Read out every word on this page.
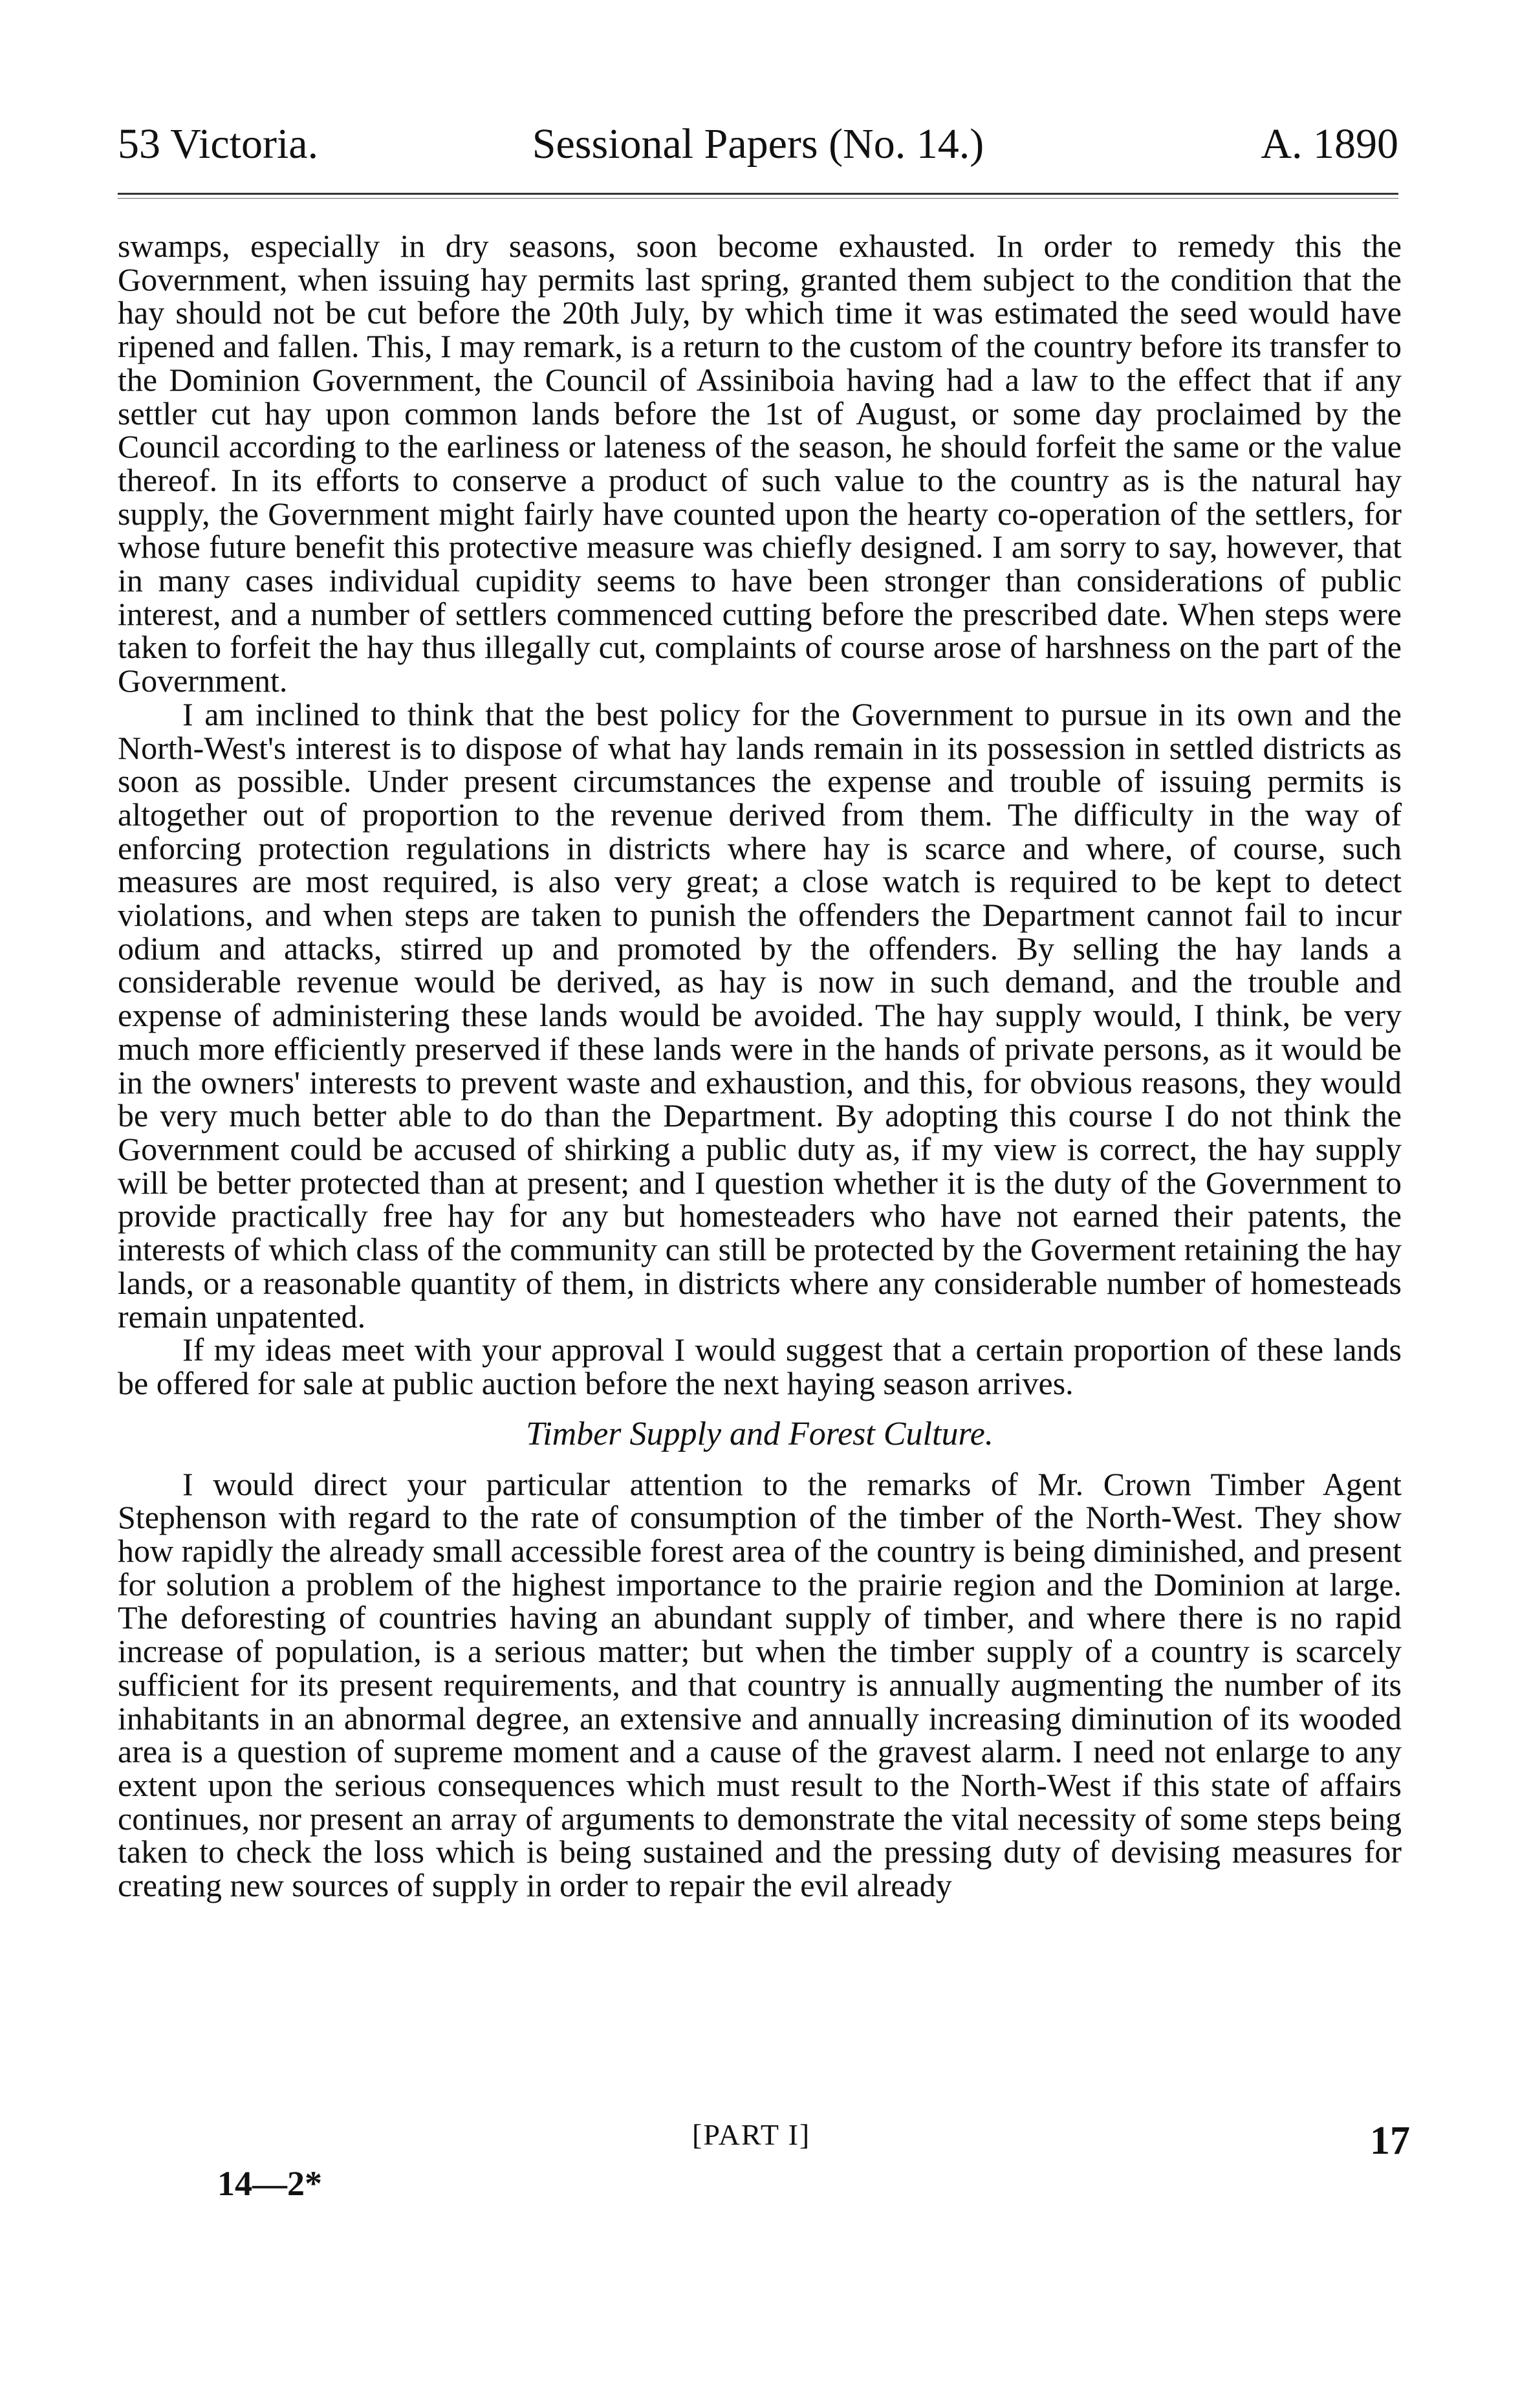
53 Victoria.	Sessional Papers (No. 14.)	A. 1890

swamps, especially in dry seasons, soon become exhausted. In order to remedy this the Government, when issuing hay permits last spring, granted them subject to the condition that the hay should not be cut before the 20th July, by which time it was estimated the seed would have ripened and fallen. This, I may remark, is a return to the custom of the country before its transfer to the Dominion Government, the Council of Assiniboia having had a law to the effect that if any settler cut hay upon common lands before the 1st of August, or some day proclaimed by the Council according to the earliness or lateness of the season, he should forfeit the same or the value thereof. In its efforts to conserve a product of such value to the country as is the natural hay supply, the Government might fairly have counted upon the hearty co-operation of the settlers, for whose future benefit this protective measure was chiefly designed. I am sorry to say, however, that in many cases individual cupidity seems to have been stronger than considerations of public interest, and a number of settlers commenced cutting before the prescribed date. When steps were taken to forfeit the hay thus illegally cut, complaints of course arose of harshness on the part of the Government.

I am inclined to think that the best policy for the Government to pursue in its own and the North-West's interest is to dispose of what hay lands remain in its possession in settled districts as soon as possible. Under present circumstances the expense and trouble of issuing permits is altogether out of proportion to the revenue derived from them. The difficulty in the way of enforcing protection regulations in districts where hay is scarce and where, of course, such measures are most required, is also very great; a close watch is required to be kept to detect violations, and when steps are taken to punish the offenders the Department cannot fail to incur odium and attacks, stirred up and promoted by the offenders. By selling the hay lands a considerable revenue would be derived, as hay is now in such demand, and the trouble and expense of administering these lands would be avoided. The hay supply would, I think, be very much more efficiently preserved if these lands were in the hands of private persons, as it would be in the owners' interests to prevent waste and exhaustion, and this, for obvious reasons, they would be very much better able to do than the Department. By adopting this course I do not think the Government could be accused of shirking a public duty as, if my view is correct, the hay supply will be better protected than at present; and I question whether it is the duty of the Government to provide practically free hay for any but homesteaders who have not earned their patents, the interests of which class of the community can still be protected by the Goverment retaining the hay lands, or a reasonable quantity of them, in districts where any considerable number of homesteads remain unpatented.

If my ideas meet with your approval I would suggest that a certain proportion of these lands be offered for sale at public auction before the next haying season arrives.

Timber Supply and Forest Culture.

I would direct your particular attention to the remarks of Mr. Crown Timber Agent Stephenson with regard to the rate of consumption of the timber of the North-West. They show how rapidly the already small accessible forest area of the country is being diminished, and present for solution a problem of the highest importance to the prairie region and the Dominion at large. The deforesting of countries having an abundant supply of timber, and where there is no rapid increase of population, is a serious matter; but when the timber supply of a country is scarcely sufficient for its present requirements, and that country is annually augmenting the number of its inhabitants in an abnormal degree, an extensive and annually increasing diminution of its wooded area is a question of supreme moment and a cause of the gravest alarm. I need not enlarge to any extent upon the serious consequences which must result to the North-West if this state of affairs continues, nor present an array of arguments to demonstrate the vital necessity of some steps being taken to check the loss which is being sustained and the pressing duty of devising measures for creating new sources of supply in order to repair the evil already

[PART I]	17
14—2*
